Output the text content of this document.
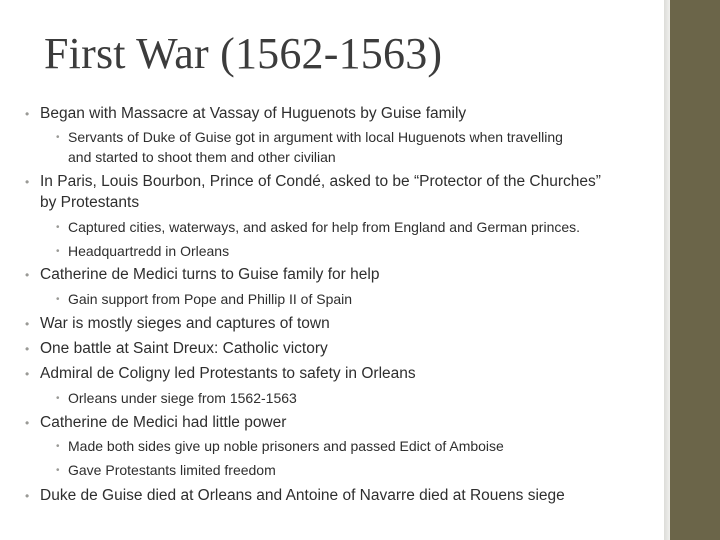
First War (1562-1563)
• Began with Massacre at Vassay of Huguenots by Guise family
• Servants of Duke of Guise got in argument with local Huguenots when travelling
and started to shoot them and other civilian
• In Paris, Louis Bourbon, Prince of Condé, asked to be “Protector of the Churches”
by Protestants
• Captured cities, waterways, and asked for help from England and German princes.
• Headquartredd in Orleans
• Catherine de Medici turns to Guise family for help
• Gain support from Pope and Phillip II of Spain
• War is mostly sieges and captures of town
• One battle at Saint Dreux: Catholic victory
• Admiral de Coligny led Protestants to safety in Orleans
• Orleans under siege from 1562-1563
• Catherine de Medici had little power
• Made both sides give up noble prisoners and passed Edict of Amboise
• Gave Protestants limited freedom
• Duke de Guise died at Orleans and Antoine of Navarre died at Rouens siege
